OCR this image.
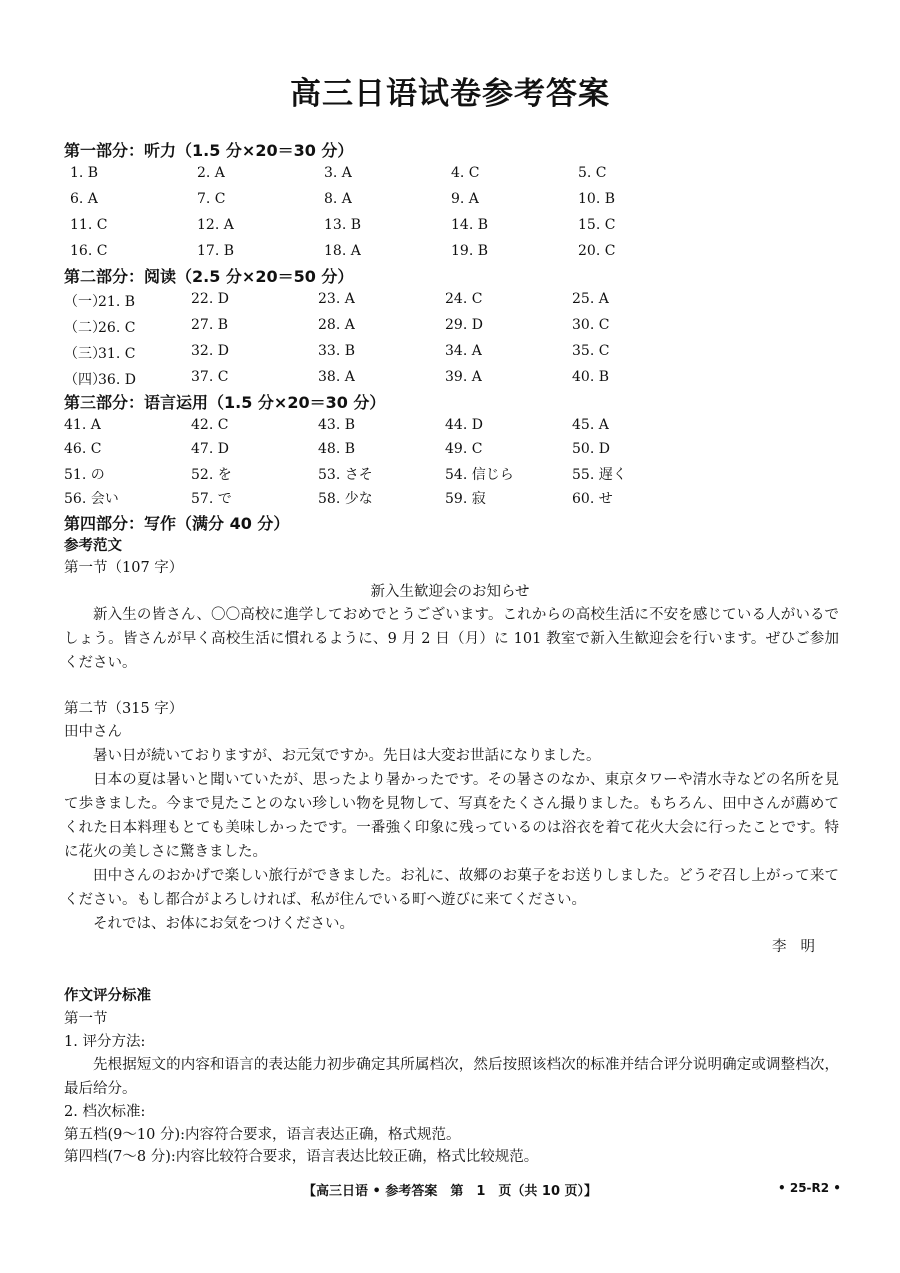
高三日语试卷参考答案
第一部分：听力（1.5 分×20＝30 分）
1. B	2. A	3. A	4. C	5. C
6. A	7. C	8. A	9. A	10. B
11. C	12. A	13. B	14. B	15. C
16. C	17. B	18. A	19. B	20. C
第二部分：阅读（2.5 分×20＝50 分）
（一）21. B	22. D	23. A	24. C	25. A
（二）26. C	27. B	28. A	29. D	30. C
（三）31. C	32. D	33. B	34. A	35. C
（四）36. D	37. C	38. A	39. A	40. B
第三部分：语言运用（1.5 分×20＝30 分）
41. A	42. C	43. B	44. D	45. A
46. C	47. D	48. B	49. C	50. D
51. の	52. を	53. さそ	54. 信じら	55. 遅く
56. 会い	57. で	58. 少な	59. 寂	60. せ
第四部分：写作（满分 40 分）
参考范文
第一节（107 字）
新入生歓迎会のお知らせ
新入生の皆さん、〇〇高校に進学しておめでとうございます。これからの高校生活に不安を感じている人がいるでしょう。皆さんが早く高校生活に慣れるように、9 月 2 日（月）に 101 教室で新入生歓迎会を行います。ぜひご参加ください。
第二节（315 字）
田中さん
暑い日が続いておりますが、お元気ですか。先日は大変お世話になりました。
日本の夏は暑いと聞いていたが、思ったより暑かったです。その暑さのなか、東京タワーや清水寺などの名所を見て歩きました。今まで見たことのない珍しい物を見物して、写真をたくさん撮りました。もちろん、田中さんが薦めてくれた日本料理もとても美味しかったです。一番強く印象に残っているのは浴衣を着て花火大会に行ったことです。特に花火の美しさに驚きました。
田中さんのおかげで楽しい旅行ができました。お礼に、故郷のお菓子をお送りしました。どうぞ召し上がって来てください。もし都合がよろしければ、私が住んでいる町へ遊びに来てください。
それでは、お体にお気をつけください。
李明
作文评分标准
第一节
1. 评分方法:
先根据短文的内容和语言的表达能力初步确定其所属档次，然后按照该档次的标准并结合评分说明确定或调整档次，最后给分。
2. 档次标准:
第五档(9～10 分):内容符合要求，语言表达正确，格式规范。
第四档(7～8 分):内容比较符合要求，语言表达比较正确，格式比较规范。
【高三日语 • 参考答案　第　1　页（共 10 页）】	• 25-R2 •
